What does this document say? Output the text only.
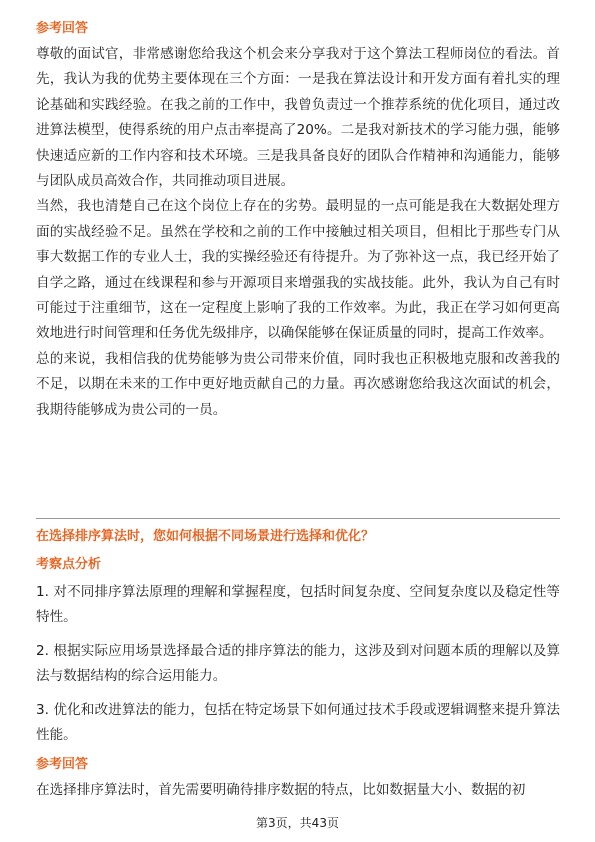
参考回答

尊敬的面试官，非常感谢您给我这个机会来分享我对于这个算法工程师岗位的看法。首先，我认为我的优势主要体现在三个方面：一是我在算法设计和开发方面有着扎实的理论基础和实践经验。在我之前的工作中，我曾负责过一个推荐系统的优化项目，通过改进算法模型，使得系统的用户点击率提高了20%。二是我对新技术的学习能力强，能够快速适应新的工作内容和技术环境。三是我具备良好的团队合作精神和沟通能力，能够与团队成员高效合作，共同推动项目进展。

当然，我也清楚自己在这个岗位上存在的劣势。最明显的一点可能是我在大数据处理方面的实战经验不足。虽然在学校和之前的工作中接触过相关项目，但相比于那些专门从事大数据工作的专业人士，我的实操经验还有待提升。为了弥补这一点，我已经开始了自学之路，通过在线课程和参与开源项目来增强我的实战技能。此外，我认为自己有时可能过于注重细节，这在一定程度上影响了我的工作效率。为此，我正在学习如何更高效地进行时间管理和任务优先级排序，以确保能够在保证质量的同时，提高工作效率。

总的来说，我相信我的优势能够为贵公司带来价值，同时我也正积极地克服和改善我的不足，以期在未来的工作中更好地贡献自己的力量。再次感谢您给我这次面试的机会，我期待能够成为贵公司的一员。

在选择排序算法时，您如何根据不同场景进行选择和优化？

考察点分析

1. 对不同排序算法原理的理解和掌握程度，包括时间复杂度、空间复杂度以及稳定性等特性。

2. 根据实际应用场景选择最合适的排序算法的能力，这涉及到对问题本质的理解以及算法与数据结构的综合运用能力。

3. 优化和改进算法的能力，包括在特定场景下如何通过技术手段或逻辑调整来提升算法性能。

参考回答

在选择排序算法时，首先需要明确待排序数据的特点，比如数据量大小、数据的初

第3页，共43页
